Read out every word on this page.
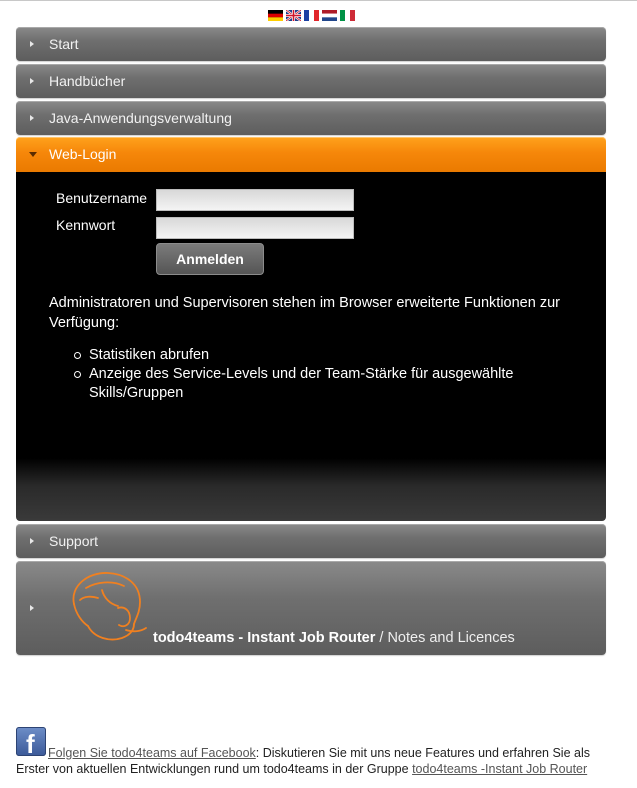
Start
Handbücher
Java-Anwendungsverwaltung
Web-Login
Benutzername
Kennwort
Anmelden

Administratoren und Supervisoren stehen im Browser erweiterte Funktionen zur Verfügung:

Statistiken abrufen
Anzeige des Service-Levels und der Team-Stärke für ausgewählte Skills/Gruppen
Support
todo4teams - Instant Job Router / Notes and Licences
f	Folgen Sie todo4teams auf Facebook: Diskutieren Sie mit uns neue Features und erfahren Sie als Erster von aktuellen Entwicklungen rund um todo4teams in der Gruppe todo4teams -Instant Job Router
